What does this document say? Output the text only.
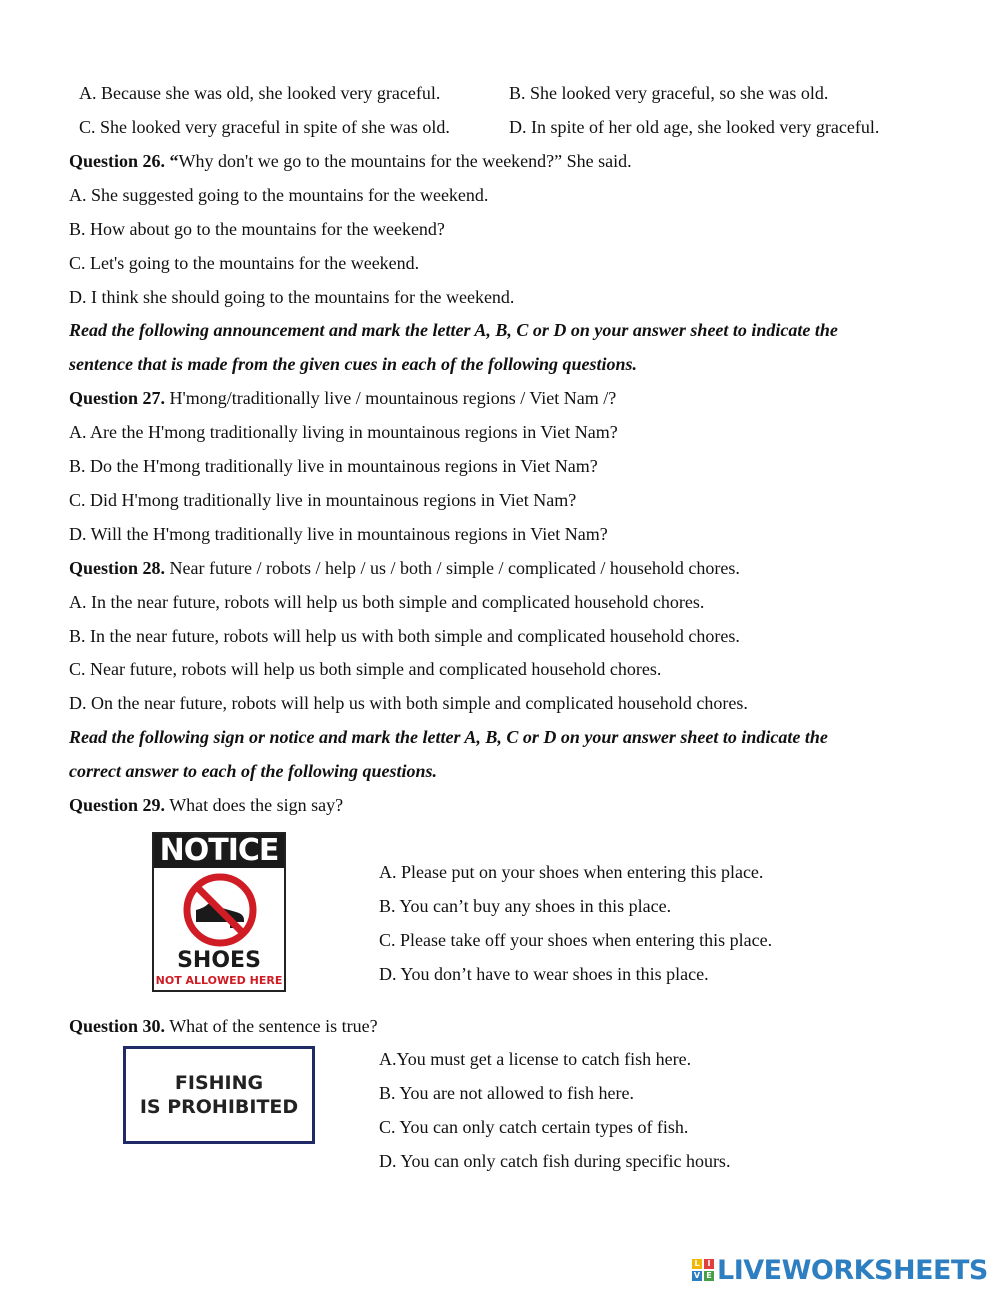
A. Because she was old, she looked very graceful.	B. She looked very graceful, so she was old.
C. She looked very graceful in spite of she was old.	D. In spite of her old age, she looked very graceful.
Question 26. “Why don't we go to the mountains for the weekend?” She said.
A. She suggested going to the mountains for the weekend.
B. How about go to the mountains for the weekend?
C. Let's going to the mountains for the weekend.
D. I think she should going to the mountains for the weekend.
Read the following announcement and mark the letter A, B, C or D on your answer sheet to indicate the
sentence that is made from the given cues in each of the following questions.
Question 27. H'mong/traditionally live / mountainous regions / Viet Nam /?
A. Are the H'mong traditionally living in mountainous regions in Viet Nam?
B. Do the H'mong traditionally live in mountainous regions in Viet Nam?
C. Did H'mong traditionally live in mountainous regions in Viet Nam?
D. Will the H'mong traditionally live in mountainous regions in Viet Nam?
Question 28. Near future / robots / help / us / both / simple / complicated / household chores.
A. In the near future, robots will help us both simple and complicated household chores.
B. In the near future, robots will help us with both simple and complicated household chores.
C. Near future, robots will help us both simple and complicated household chores.
D. On the near future, robots will help us with both simple and complicated household chores.
Read the following sign or notice and mark the letter A, B, C or D on your answer sheet to indicate the
correct answer to each of the following questions.
Question 29. What does the sign say?
NOTICE
SHOES
NOT ALLOWED HERE
A. Please put on your shoes when entering this place.
B. You can’t buy any shoes in this place.
C. Please take off your shoes when entering this place.
D. You don’t have to wear shoes in this place.
Question 30. What of the sentence is true?
FISHING
IS PROHIBITED
A.You must get a license to catch fish here.
B. You are not allowed to fish here.
C. You can only catch certain types of fish.
D. You can only catch fish during specific hours.
L I
V E LIVEWORKSHEETS
